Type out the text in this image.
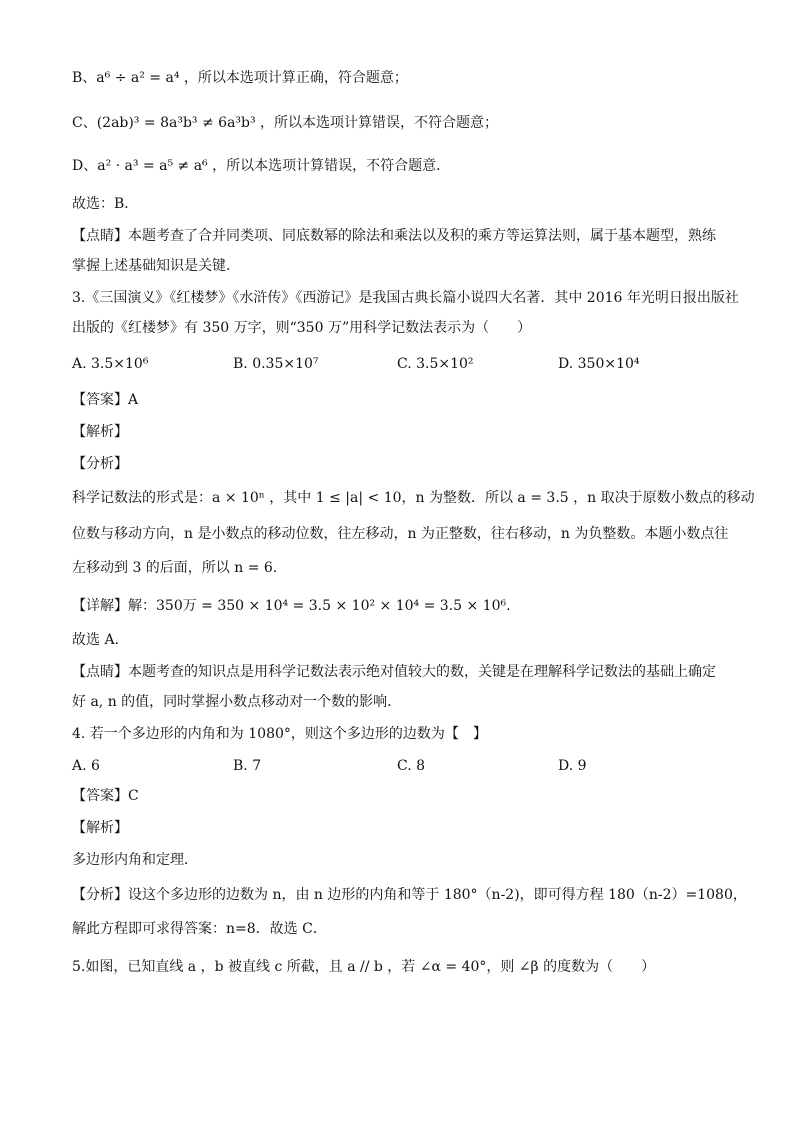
B、a⁶ ÷ a² = a⁴ ，所以本选项计算正确，符合题意；
C、(2ab)³ = 8a³b³ ≠ 6a³b³ ，所以本选项计算错误，不符合题意；
D、a² · a³ = a⁵ ≠ a⁶ ，所以本选项计算错误，不符合题意．
故选：B．
【点睛】本题考查了合并同类项、同底数幂的除法和乘法以及积的乘方等运算法则，属于基本题型，熟练
掌握上述基础知识是关键．
3.《三国演义》《红楼梦》《水浒传》《西游记》是我国古典长篇小说四大名著．其中 2016 年光明日报出版社
出版的《红楼梦》有 350 万字，则“350 万”用科学记数法表示为（　　）
A. 3.5×10⁶	B. 0.35×10⁷	C. 3.5×10²	D. 350×10⁴
【答案】A
【解析】
【分析】
科学记数法的形式是：a × 10ⁿ ，其中 1 ≤ |a| < 10，n 为整数．所以 a = 3.5 ，n 取决于原数小数点的移动
位数与移动方向，n 是小数点的移动位数，往左移动，n 为正整数，往右移动，n 为负整数。本题小数点往
左移动到 3 的后面，所以 n = 6.
【详解】解：350万 = 350 × 10⁴ = 3.5 × 10² × 10⁴ = 3.5 × 10⁶.
故选 A.
【点睛】本题考查的知识点是用科学记数法表示绝对值较大的数，关键是在理解科学记数法的基础上确定
好 a, n 的值，同时掌握小数点移动对一个数的影响．
4. 若一个多边形的内角和为 1080°，则这个多边形的边数为【　】
A. 6	B. 7	C. 8	D. 9
【答案】C
【解析】
多边形内角和定理．
【分析】设这个多边形的边数为 n，由 n 边形的内角和等于 180°（n-2)，即可得方程 180（n-2）=1080，
解此方程即可求得答案：n=8．故选 C．
5.如图，已知直线 a ，b 被直线 c 所截，且 a // b ，若 ∠α = 40°，则 ∠β 的度数为（　　）
